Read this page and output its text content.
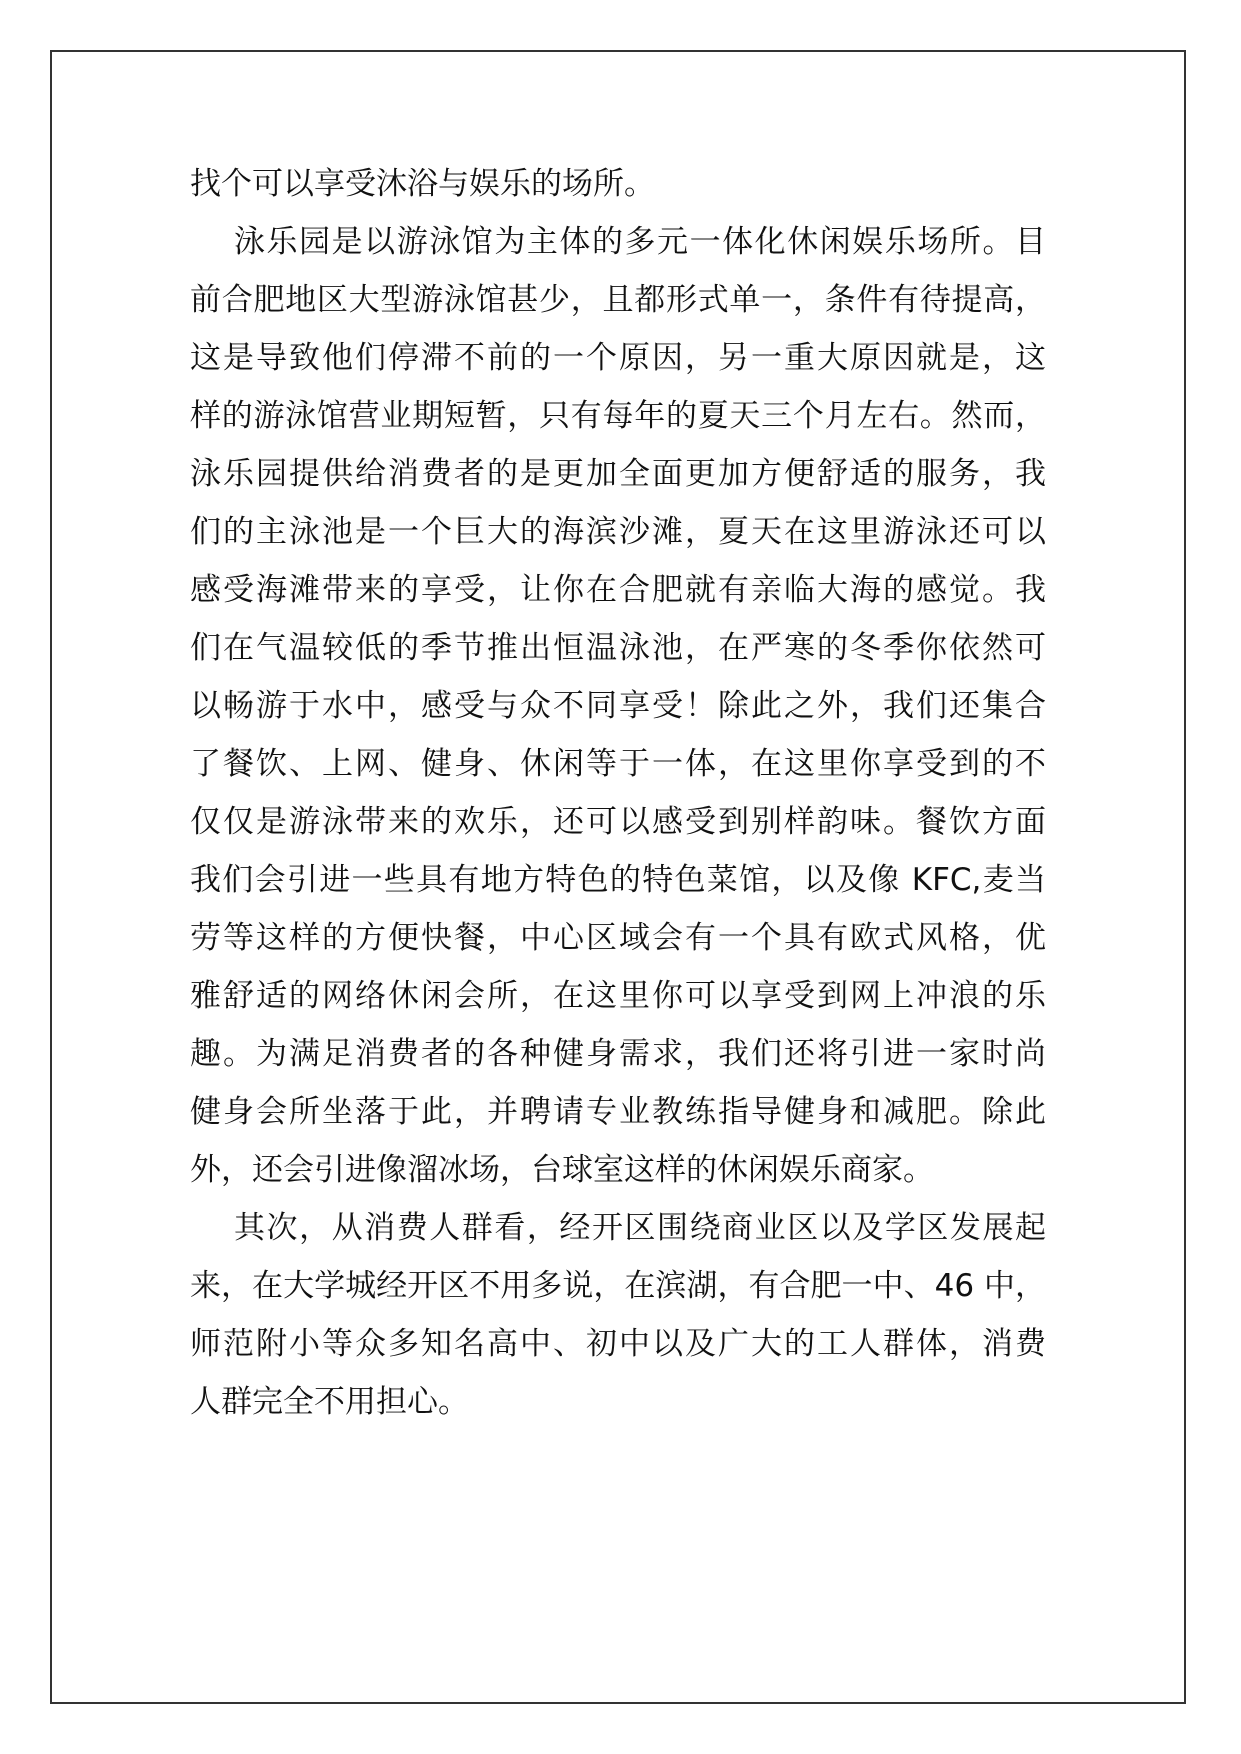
找个可以享受沐浴与娱乐的场所。
泳乐园是以游泳馆为主体的多元一体化休闲娱乐场所。目
前合肥地区大型游泳馆甚少，且都形式单一，条件有待提高，
这是导致他们停滞不前的一个原因，另一重大原因就是，这
样的游泳馆营业期短暂，只有每年的夏天三个月左右。然而，
泳乐园提供给消费者的是更加全面更加方便舒适的服务，我
们的主泳池是一个巨大的海滨沙滩，夏天在这里游泳还可以
感受海滩带来的享受，让你在合肥就有亲临大海的感觉。我
们在气温较低的季节推出恒温泳池，在严寒的冬季你依然可
以畅游于水中，感受与众不同享受！除此之外，我们还集合
了餐饮、上网、健身、休闲等于一体，在这里你享受到的不
仅仅是游泳带来的欢乐，还可以感受到别样韵味。餐饮方面
我们会引进一些具有地方特色的特色菜馆，以及像 KFC,麦当
劳等这样的方便快餐，中心区域会有一个具有欧式风格，优
雅舒适的网络休闲会所，在这里你可以享受到网上冲浪的乐
趣。为满足消费者的各种健身需求，我们还将引进一家时尚
健身会所坐落于此，并聘请专业教练指导健身和减肥。除此
外，还会引进像溜冰场，台球室这样的休闲娱乐商家。
其次，从消费人群看，经开区围绕商业区以及学区发展起
来，在大学城经开区不用多说，在滨湖，有合肥一中、46 中，
师范附小等众多知名高中、初中以及广大的工人群体，消费
人群完全不用担心。
